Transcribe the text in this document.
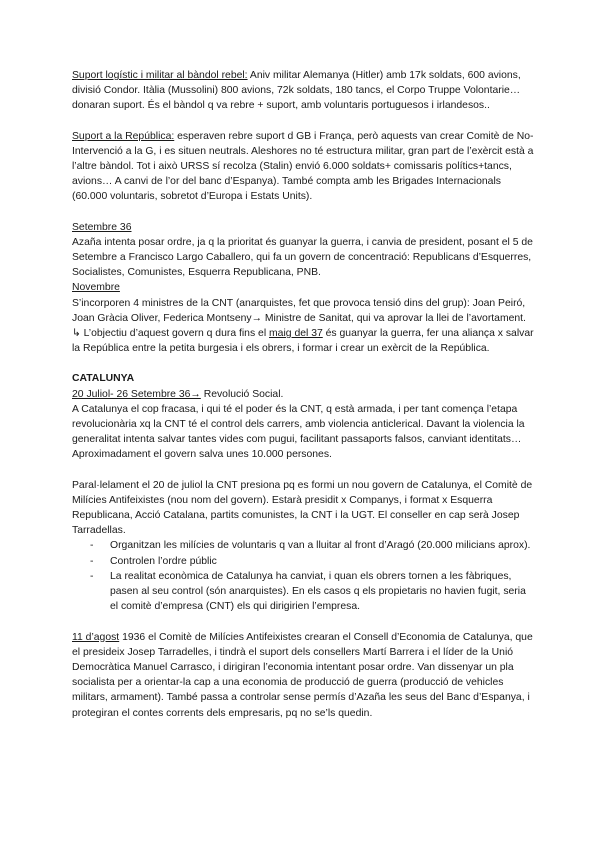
Suport logístic i militar al bàndol rebel: Aniv militar Alemanya (Hitler) amb 17k soldats, 600 avions, divisió Condor. Itàlia (Mussolini) 800 avions, 72k soldats, 180 tancs, el Corpo Truppe Volontarie… donaran suport. És el bàndol q va rebre + suport, amb voluntaris portuguesos i irlandesos..

Suport a la República: esperaven rebre suport d GB i França, però aquests van crear Comitè de No-Intervenció a la G, i es situen neutrals. Aleshores no té estructura militar, gran part de l’exèrcit està a l’altre bàndol. Tot i això URSS sí recolza (Stalin) envió 6.000 soldats+ comissaris polítics+tancs, avions… A canvi de l’or del banc d’Espanya). També compta amb les Brigades Internacionals (60.000 voluntaris, sobretot d’Europa i Estats Units).

Setembre 36

Azaña intenta posar ordre, ja q la prioritat és guanyar la guerra, i canvia de president, posant el 5 de Setembre a Francisco Largo Caballero, qui fa un govern de concentració: Republicans d’Esquerres, Socialistes, Comunistes, Esquerra Republicana, PNB.

Novembre

S’incorporen 4 ministres de la CNT (anarquistes, fet que provoca tensió dins del grup): Joan Peiró, Joan Gràcia Oliver, Federica Montseny→ Ministre de Sanitat, qui va aprovar la llei de l’avortament.

↳ L’objectiu d’aquest govern q dura fins el maig del 37 és guanyar la guerra, fer una aliança x salvar la República entre la petita burgesia i els obrers, i formar i crear un exèrcit de la República.

CATALUNYA

20 Juliol- 26 Setembre 36→ Revolució Social.

A Catalunya el cop fracasa, i qui té el poder és la CNT, q està armada, i per tant comença l’etapa revolucionària xq la CNT té el control dels carrers, amb violencia anticlerical. Davant la violencia la generalitat intenta salvar tantes vides com pugui, facilitant passaports falsos, canviant identitats… Aproximadament el govern salva unes 10.000 persones.

Paral·lelament el 20 de juliol la CNT presiona pq es formi un nou govern de Catalunya, el Comitè de Milícies Antifeixistes (nou nom del govern). Estarà presidit x Companys, i format x Esquerra Republicana, Acció Catalana, partits comunistes, la CNT i la UGT. El conseller en cap serà Josep Tarradellas.

- Organitzan les milícies de voluntaris q van a lluitar al front d’Aragó (20.000 milicians aprox).
- Controlen l’ordre públic
- La realitat econòmica de Catalunya ha canviat, i quan els obrers tornen a les fàbriques, pasen al seu control (són anarquistes). En els casos q els propietaris no havien fugit, seria el comitè d’empresa (CNT) els qui dirigirien l’empresa.

11 d’agost 1936 el Comitè de Milícies Antifeixistes crearan el Consell d’Economia de Catalunya, que el presideix Josep Tarradelles, i tindrà el suport dels consellers Martí Barrera i el líder de la Unió Democràtica Manuel Carrasco, i dirigiran l’economia intentant posar ordre. Van dissenyar un pla socialista per a orientar-la cap a una economia de producció de guerra (producció de vehicles militars, armament). També passa a controlar sense permís d’Azaña les seus del Banc d’Espanya, i protegiran el contes corrents dels empresaris, pq no se’ls quedin.
